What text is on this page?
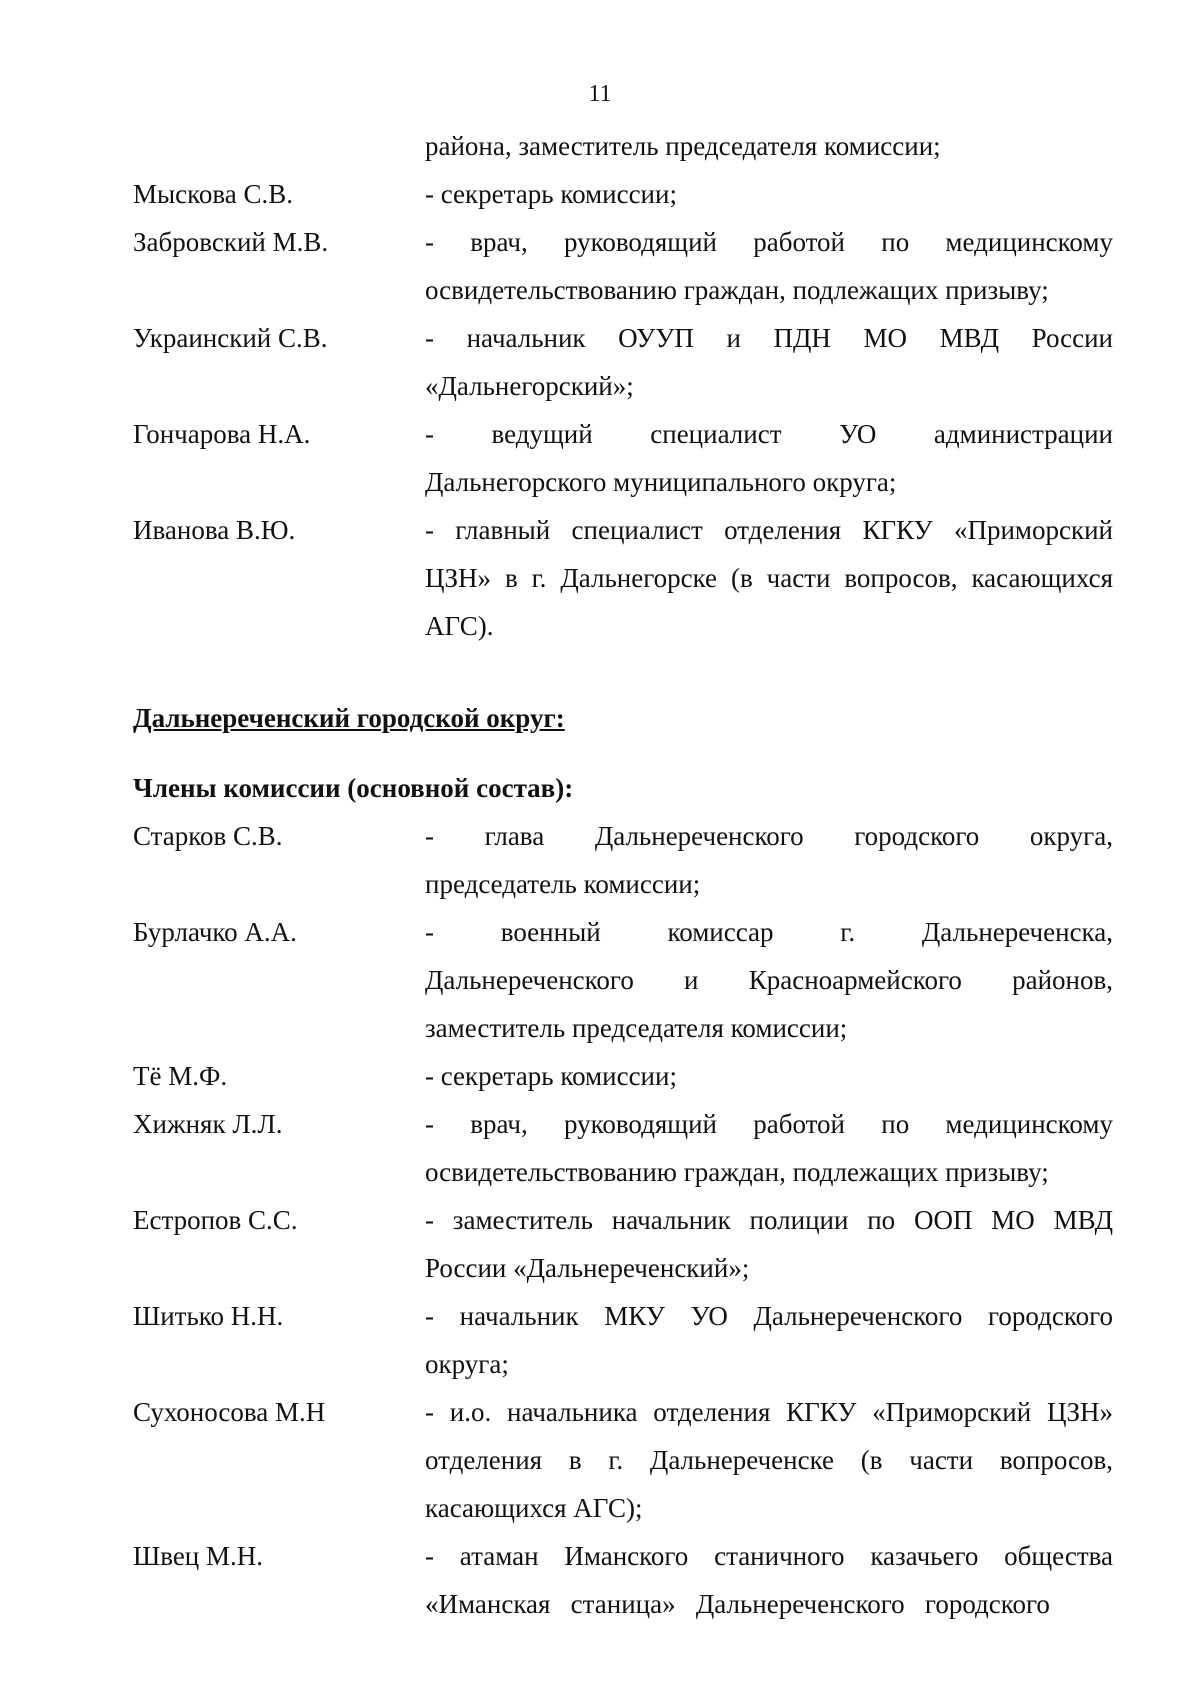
11
района, заместитель председателя комиссии;
Мыскова С.В.	- секретарь комиссии;
Забровский М.В.	- врач, руководящий работой по медицинскому
освидетельствованию граждан, подлежащих призыву;
Украинский С.В.	- начальник ОУУП и ПДН МО МВД России
«Дальнегорский»;
Гончарова Н.А.	- ведущий специалист УО администрации
Дальнегорского муниципального округа;
Иванова В.Ю.	- главный специалист отделения КГКУ «Приморский
ЦЗН» в г. Дальнегорске (в части вопросов, касающихся
АГС).
Дальнереченский городской округ:
Члены комиссии (основной состав):
Старков С.В.	- глава Дальнереченского городского округа,
председатель комиссии;
Бурлачко А.А.	- военный комиссар г. Дальнереченска,
Дальнереченского и Красноармейского районов,
заместитель председателя комиссии;
Тё М.Ф.	- секретарь комиссии;
Хижняк Л.Л.	- врач, руководящий работой по медицинскому
освидетельствованию граждан, подлежащих призыву;
Естропов С.С.	- заместитель начальник полиции по ООП МО МВД
России «Дальнереченский»;
Шитько Н.Н.	- начальник МКУ УО Дальнереченского городского
округа;
Сухоносова М.Н	- и.о. начальника отделения КГКУ «Приморский ЦЗН»
отделения в г. Дальнереченске (в части вопросов,
касающихся АГС);
Швец М.Н.	- атаман Иманского станичного казачьего общества
«Иманская   станица»   Дальнереченского   городского
